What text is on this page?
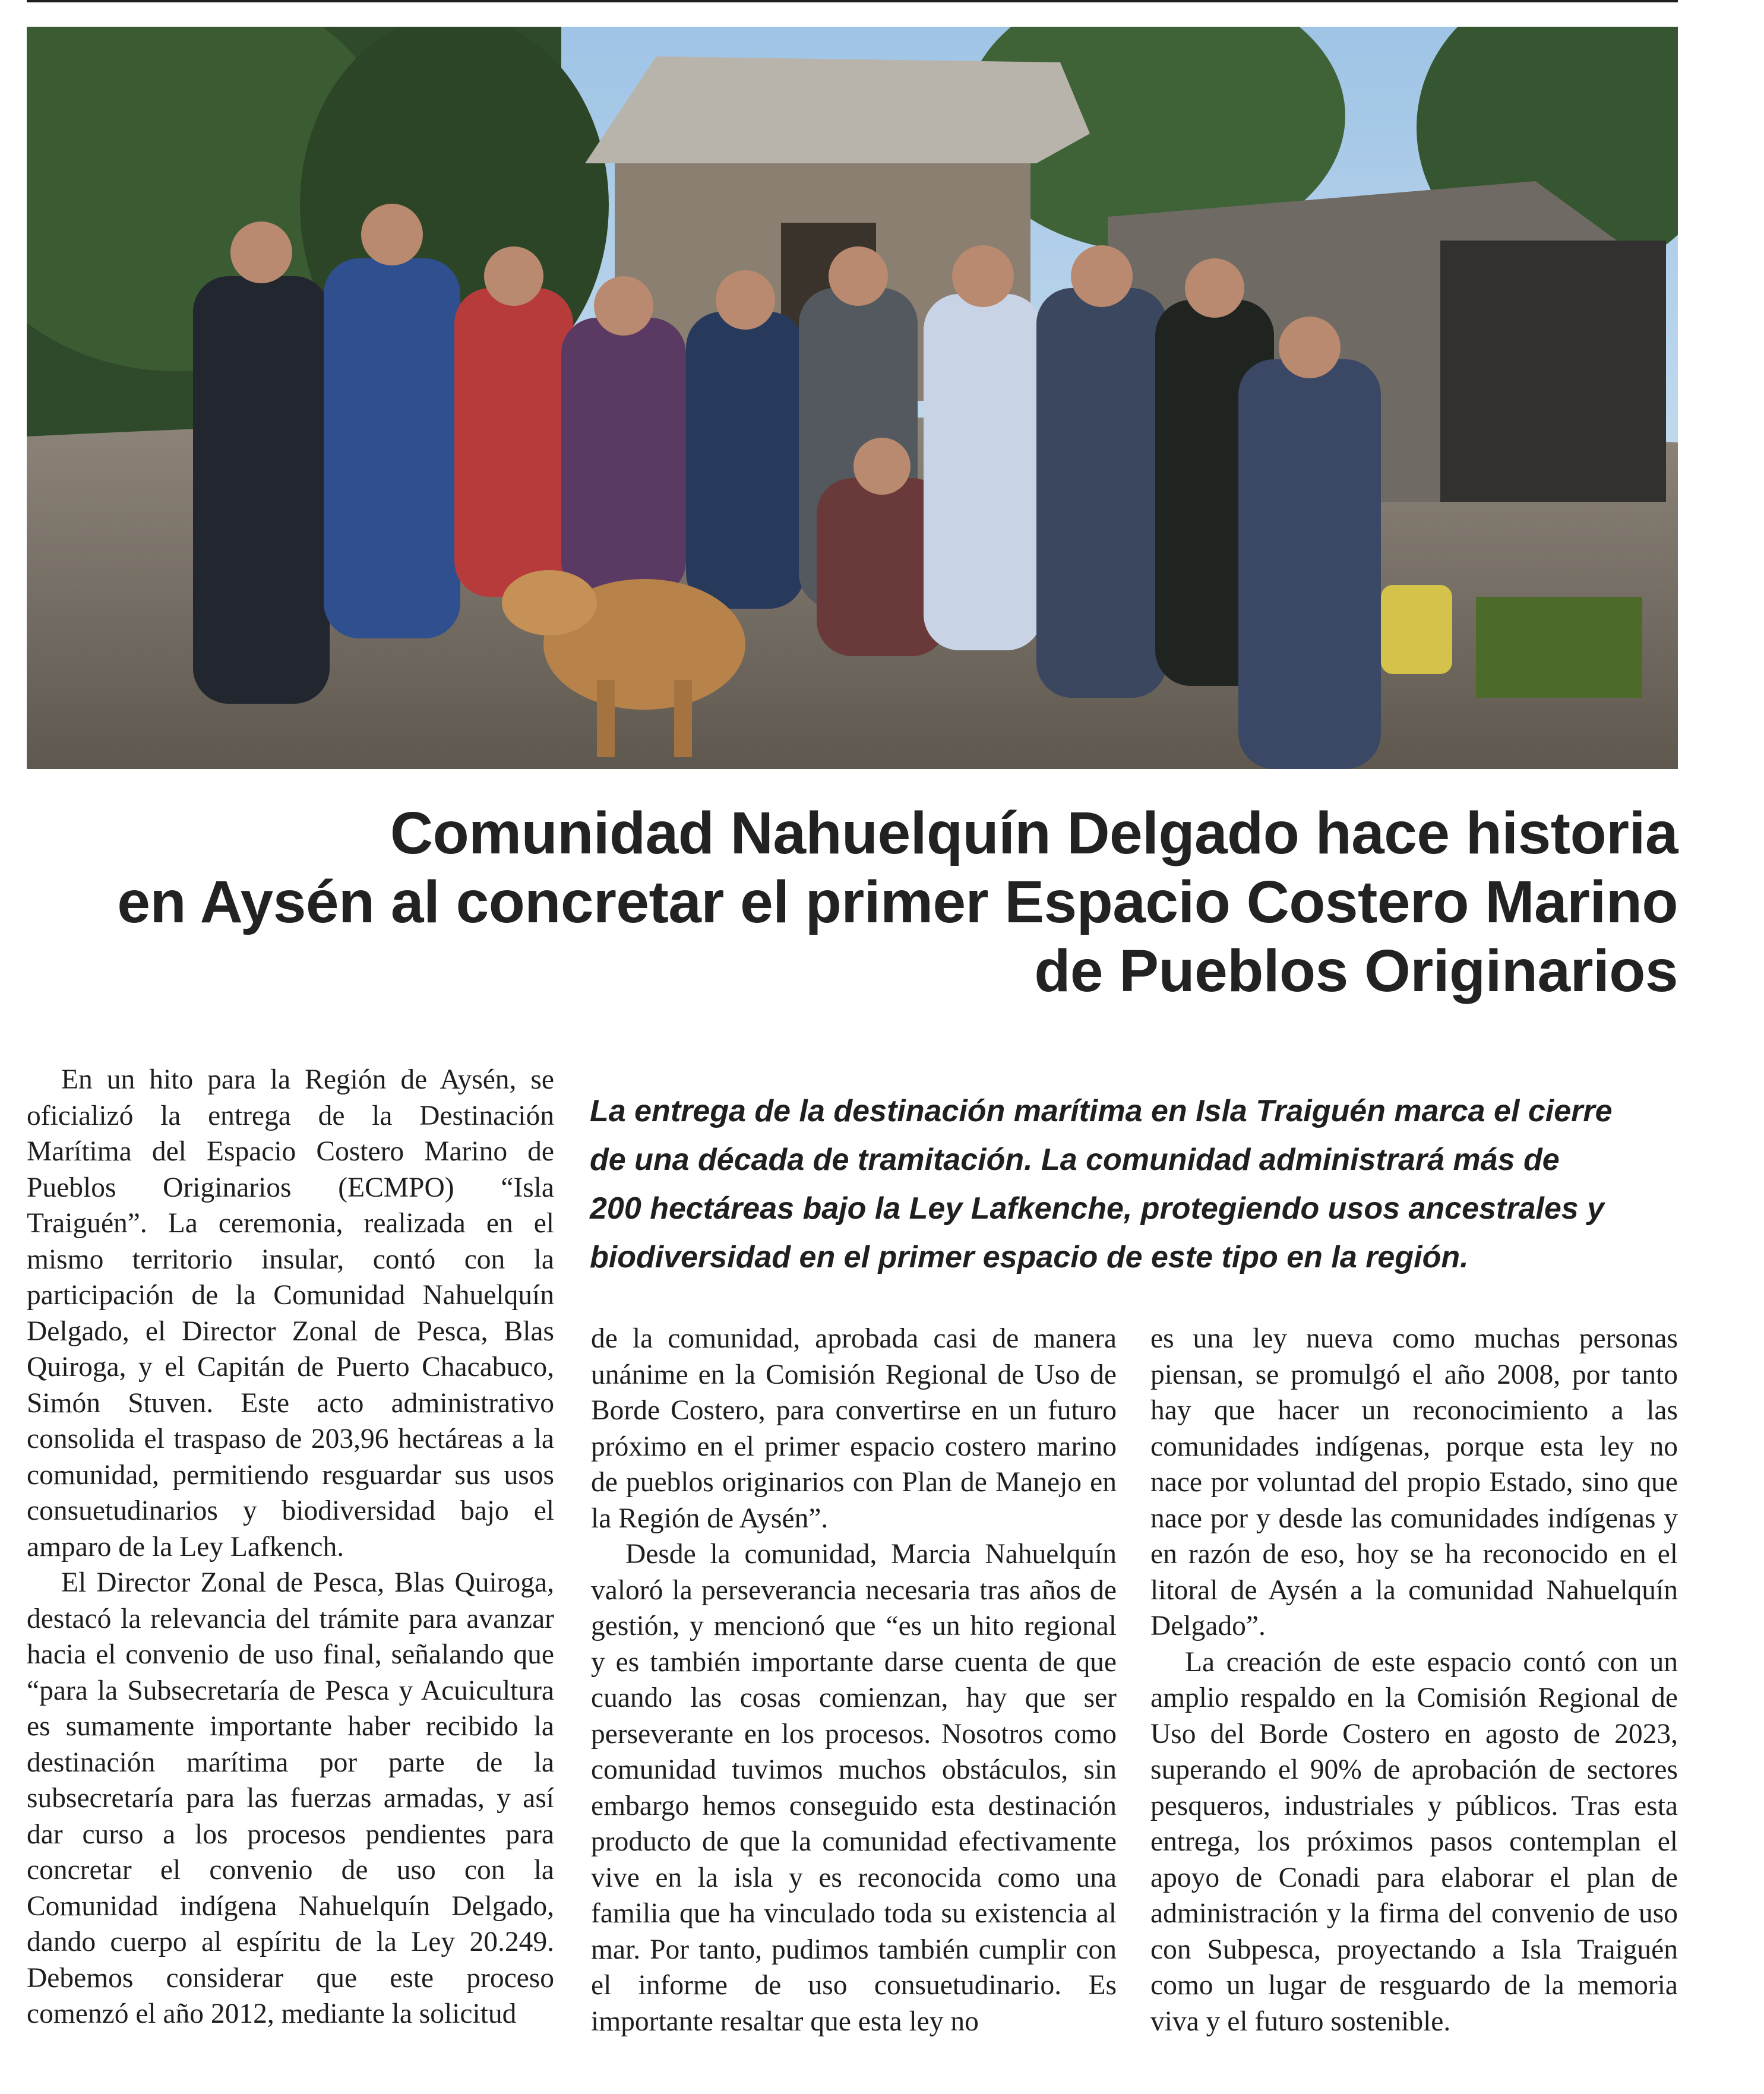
Comunidad Nahuelquín Delgado hace historia
en Aysén al concretar el primer Espacio Costero Marino
de Pueblos Originarios

En un hito para la Región de Aysén, se oficializó la entrega de la Destinación Marítima del Espacio Costero Marino de Pueblos Originarios (ECMPO) “Isla Traiguén”. La ceremonia, realizada en el mismo territorio insular, contó con la participación de la Comunidad Nahuelquín Delgado, el Director Zonal de Pesca, Blas Quiroga, y el Capitán de Puerto Chacabuco, Simón Stuven. Este acto administrativo consolida el traspaso de 203,96 hectáreas a la comunidad, permitiendo resguardar sus usos consuetudinarios y biodiversidad bajo el amparo de la Ley Lafkench.

El Director Zonal de Pesca, Blas Quiroga, destacó la relevancia del trámite para avanzar hacia el convenio de uso final, señalando que “para la Subsecretaría de Pesca y Acuicultura es sumamente importante haber recibido la destinación marítima por parte de la subsecretaría para las fuerzas armadas, y así dar curso a los procesos pendientes para concretar el convenio de uso con la Comunidad indígena Nahuelquín Delgado, dando cuerpo al espíritu de la Ley 20.249. Debemos considerar que este proceso comenzó el año 2012, mediante la solicitud

La entrega de la destinación marítima en Isla Traiguén marca el cierre
de una década de tramitación. La comunidad administrará más de
200 hectáreas bajo la Ley Lafkenche, protegiendo usos ancestrales y
biodiversidad en el primer espacio de este tipo en la región.

de la comunidad, aprobada casi de manera unánime en la Comisión Regional de Uso de Borde Costero, para convertirse en un futuro próximo en el primer espacio costero marino de pueblos originarios con Plan de Manejo en la Región de Aysén”.

Desde la comunidad, Marcia Nahuelquín valoró la perseverancia necesaria tras años de gestión, y mencionó que “es un hito regional y es también importante darse cuenta de que cuando las cosas comienzan, hay que ser perseverante en los procesos. Nosotros como comunidad tuvimos muchos obstáculos, sin embargo hemos conseguido esta destinación producto de que la comunidad efectivamente vive en la isla y es reconocida como una familia que ha vinculado toda su existencia al mar. Por tanto, pudimos también cumplir con el informe de uso consuetudinario. Es importante resaltar que esta ley no

es una ley nueva como muchas personas piensan, se promulgó el año 2008, por tanto hay que hacer un reconocimiento a las comunidades indígenas, porque esta ley no nace por voluntad del propio Estado, sino que nace por y desde las comunidades indígenas y en razón de eso, hoy se ha reconocido en el litoral de Aysén a la comunidad Nahuelquín Delgado”.

La creación de este espacio contó con un amplio respaldo en la Comisión Regional de Uso del Borde Costero en agosto de 2023, superando el 90% de aprobación de sectores pesqueros, industriales y públicos. Tras esta entrega, los próximos pasos contemplan el apoyo de Conadi para elaborar el plan de administración y la firma del convenio de uso con Subpesca, proyectando a Isla Traiguén como un lugar de resguardo de la memoria viva y el futuro sostenible.
